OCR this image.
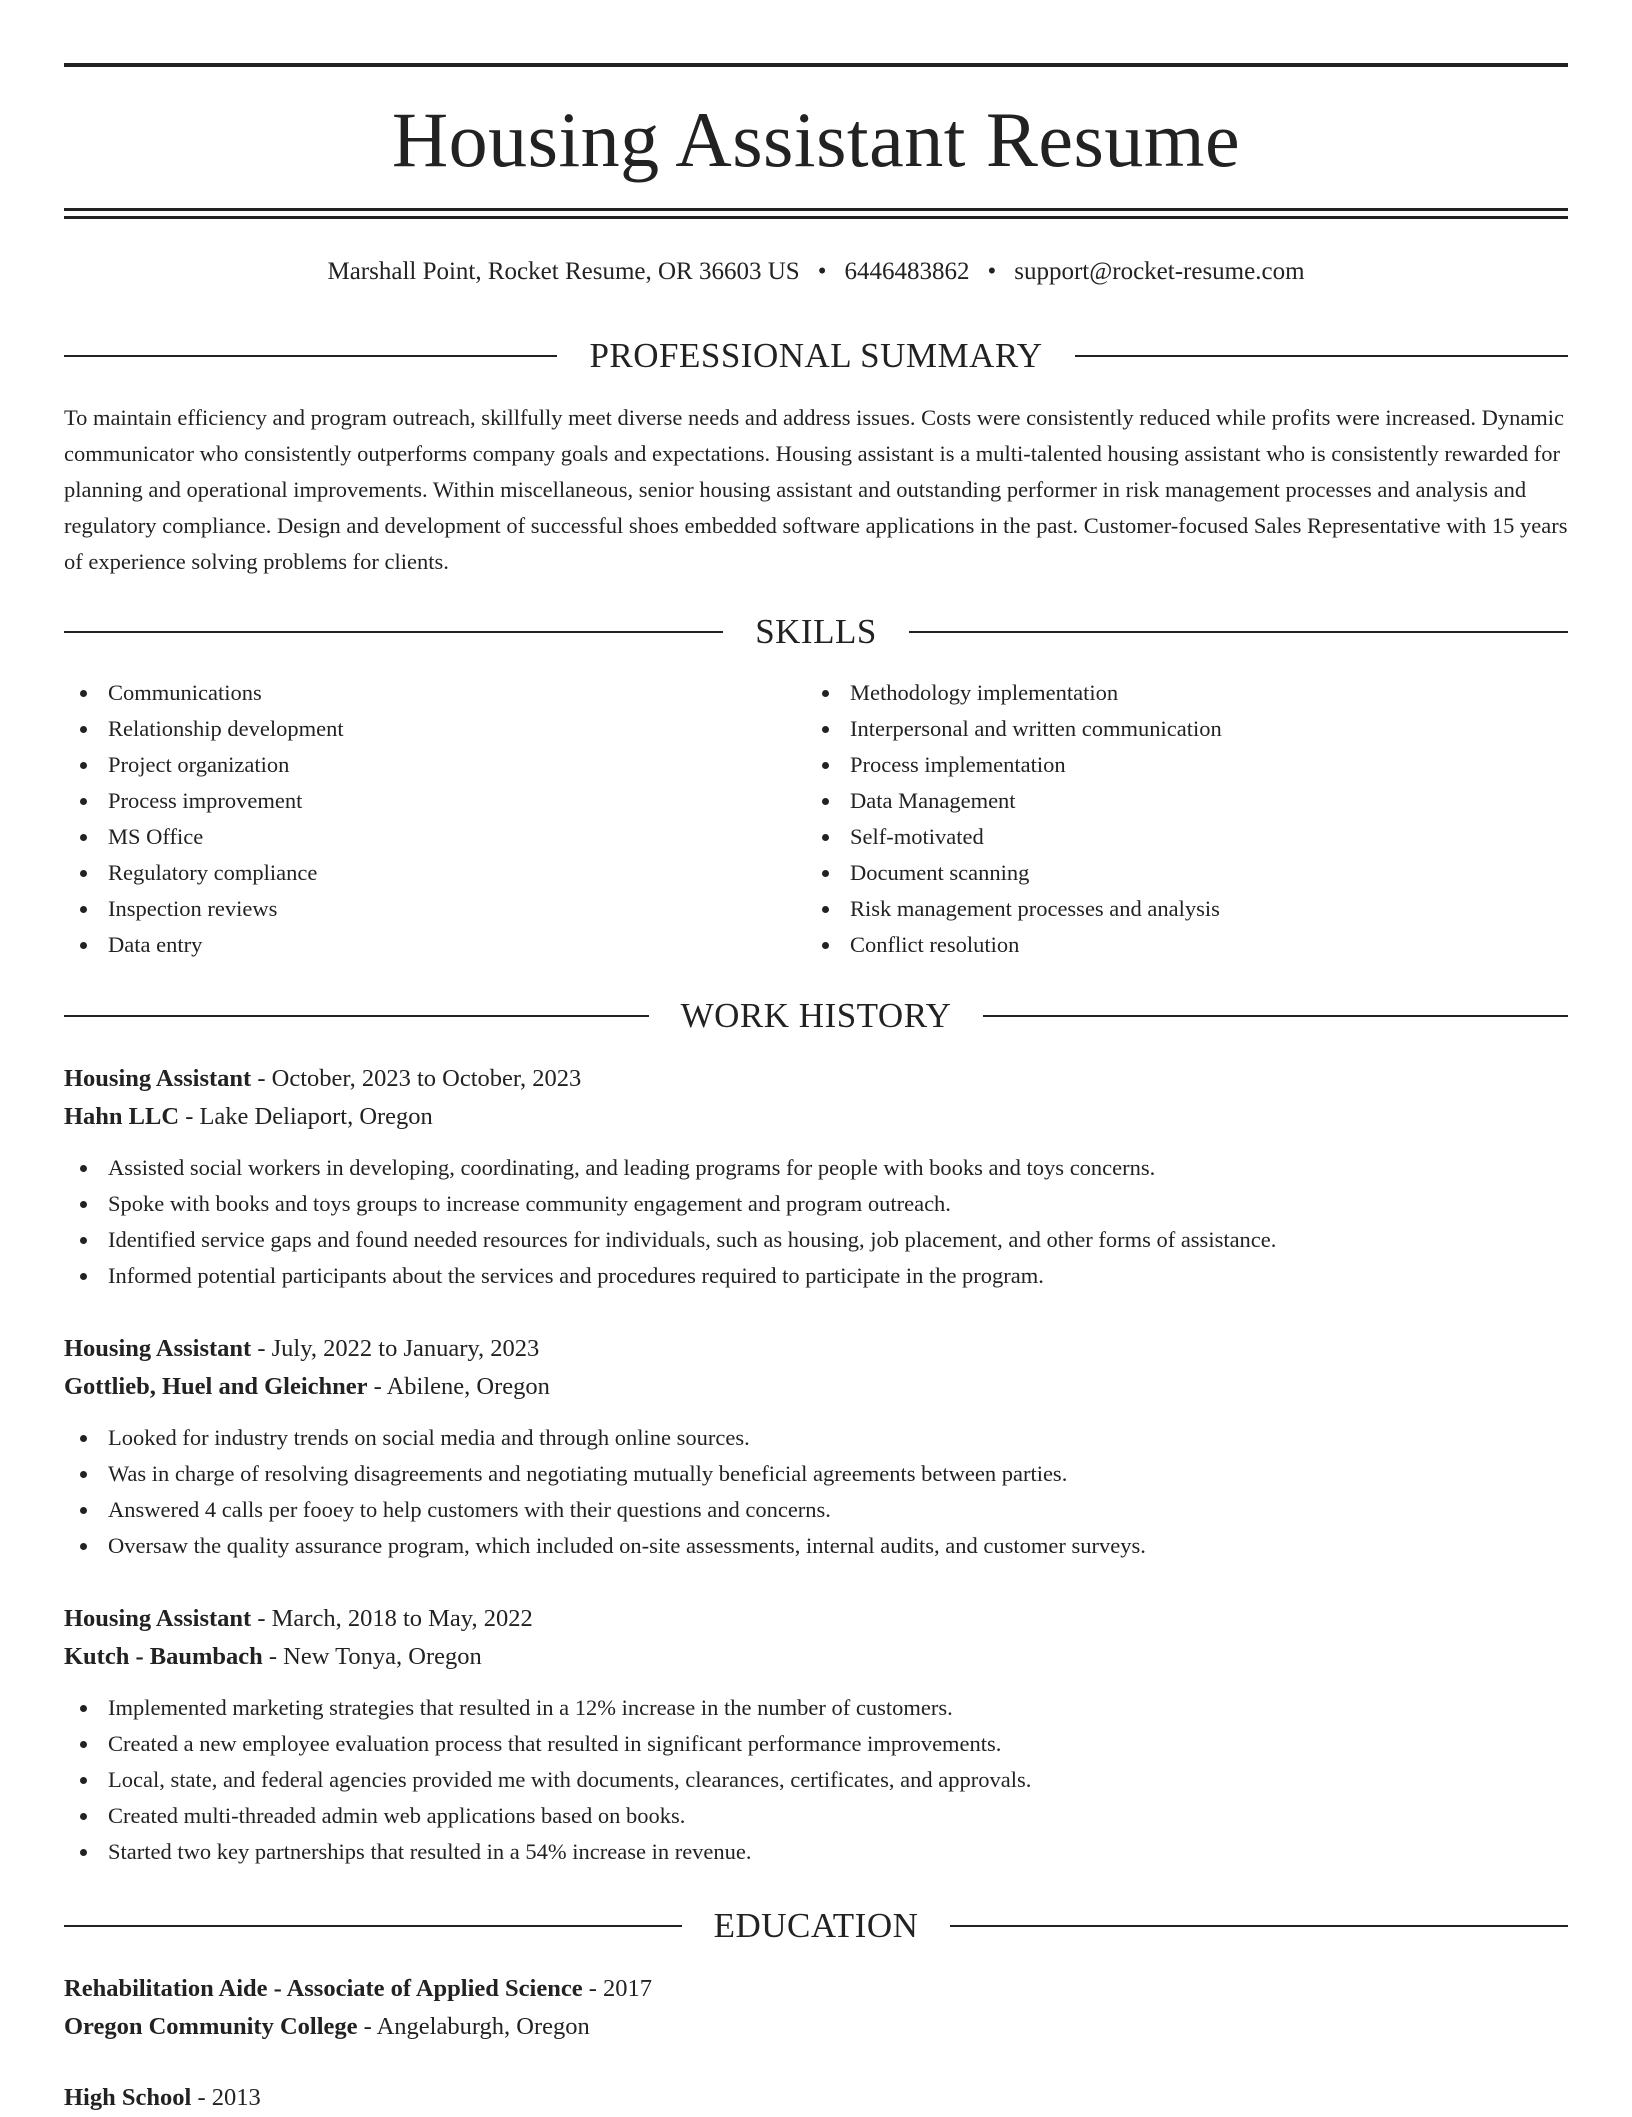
Housing Assistant Resume
Marshall Point, Rocket Resume, OR 36603 US • 6446483862 • support@rocket-resume.com
PROFESSIONAL SUMMARY
To maintain efficiency and program outreach, skillfully meet diverse needs and address issues. Costs were consistently reduced while profits were increased. Dynamic communicator who consistently outperforms company goals and expectations. Housing assistant is a multi-talented housing assistant who is consistently rewarded for planning and operational improvements. Within miscellaneous, senior housing assistant and outstanding performer in risk management processes and analysis and regulatory compliance. Design and development of successful shoes embedded software applications in the past. Customer-focused Sales Representative with 15 years of experience solving problems for clients.
SKILLS
Communications
Relationship development
Project organization
Process improvement
MS Office
Regulatory compliance
Inspection reviews
Data entry
Methodology implementation
Interpersonal and written communication
Process implementation
Data Management
Self-motivated
Document scanning
Risk management processes and analysis
Conflict resolution
WORK HISTORY
Housing Assistant - October, 2023 to October, 2023
Hahn LLC - Lake Deliaport, Oregon
Assisted social workers in developing, coordinating, and leading programs for people with books and toys concerns.
Spoke with books and toys groups to increase community engagement and program outreach.
Identified service gaps and found needed resources for individuals, such as housing, job placement, and other forms of assistance.
Informed potential participants about the services and procedures required to participate in the program.
Housing Assistant - July, 2022 to January, 2023
Gottlieb, Huel and Gleichner - Abilene, Oregon
Looked for industry trends on social media and through online sources.
Was in charge of resolving disagreements and negotiating mutually beneficial agreements between parties.
Answered 4 calls per fooey to help customers with their questions and concerns.
Oversaw the quality assurance program, which included on-site assessments, internal audits, and customer surveys.
Housing Assistant - March, 2018 to May, 2022
Kutch - Baumbach - New Tonya, Oregon
Implemented marketing strategies that resulted in a 12% increase in the number of customers.
Created a new employee evaluation process that resulted in significant performance improvements.
Local, state, and federal agencies provided me with documents, clearances, certificates, and approvals.
Created multi-threaded admin web applications based on books.
Started two key partnerships that resulted in a 54% increase in revenue.
EDUCATION
Rehabilitation Aide - Associate of Applied Science - 2017
Oregon Community College - Angelaburgh, Oregon
High School - 2013
